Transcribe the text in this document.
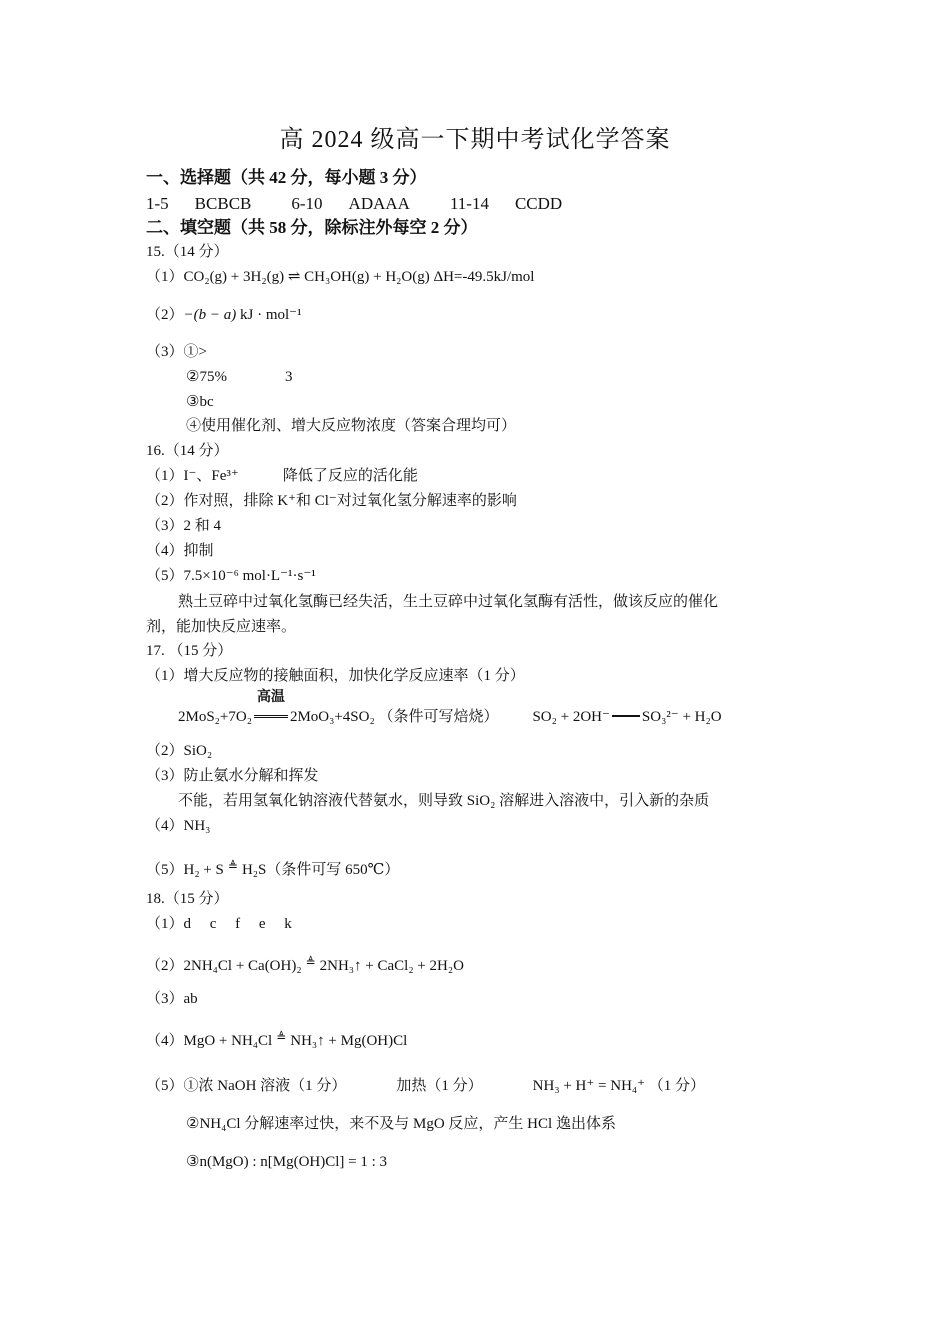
高 2024 级高一下期中考试化学答案
一、选择题（共 42 分，每小题 3 分）
1-5 BCBCB 6-10 ADAAA 11-14 CCDD
二、填空题（共 58 分，除标注外每空 2 分）
15.（14 分）
（1）CO₂(g) + 3H₂(g) ⇌ CH₃OH(g) + H₂O(g) ΔH=-49.5kJ/mol
（2）−(b − a) kJ · mol⁻¹
（3）①>
②75%	3
③bc
④使用催化剂、增大反应物浓度（答案合理均可）
16.（14 分）
（1）I⁻、Fe³⁺	降低了反应的活化能
（2）作对照，排除 K⁺和 Cl⁻对过氧化氢分解速率的影响
（3）2 和 4
（4）抑制
（5）7.5×10⁻⁶ mol·L⁻¹·s⁻¹
熟土豆碎中过氧化氢酶已经失活，生土豆碎中过氧化氢酶有活性，做该反应的催化
剂，能加快反应速率。
17. （15 分）
（1）增大反应物的接触面积，加快化学反应速率（1 分）
2MoS₂+7O₂
高温
2MoO₃+4SO₂ （条件可写焙烧） SO₂ + 2OH⁻ SO₃²⁻ + H₂O
（2）SiO₂
（3）防止氨水分解和挥发
不能，若用氢氧化钠溶液代替氨水，则导致 SiO₂ 溶解进入溶液中，引入新的杂质
（4）NH₃
（5）H₂ + S ≜ H₂S（条件可写 650℃）
18.（15 分）
（1）d　 c　 f　 e　 k
（2）2NH₄Cl + Ca(OH)₂ ≜ 2NH₃↑ + CaCl₂ + 2H₂O
（3）ab
（4）MgO + NH₄Cl ≜ NH₃↑ + Mg(OH)Cl
（5）①浓 NaOH 溶液（1 分）	加热（1 分）	NH₃ + H⁺ = NH₄⁺ （1 分）
②NH₄Cl 分解速率过快，来不及与 MgO 反应，产生 HCl 逸出体系
③n(MgO) : n[Mg(OH)Cl] = 1 : 3
